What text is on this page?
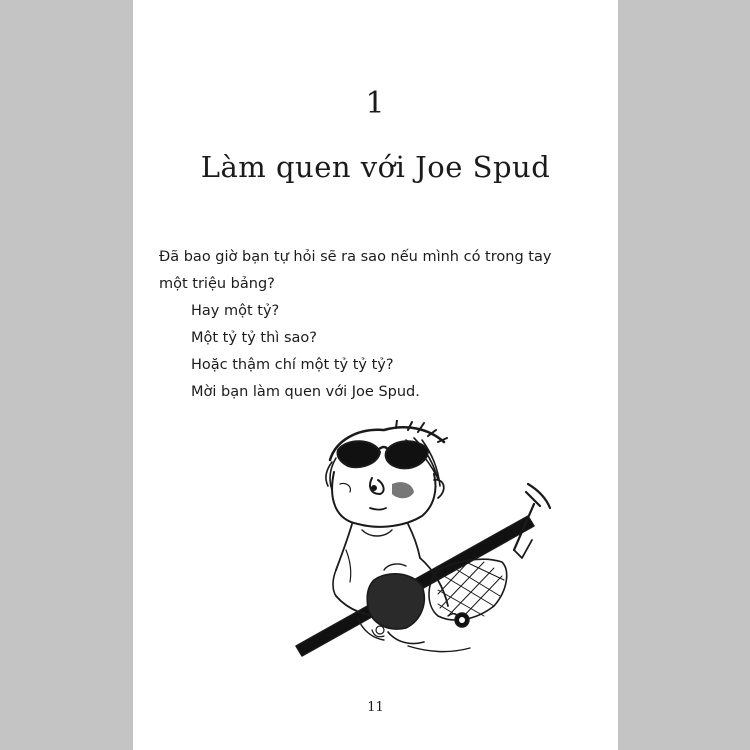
1
Làm quen với Joe Spud

Đã bao giờ bạn tự hỏi sẽ ra sao nếu mình có trong tay

một triệu bảng?

Hay một tỷ?

Một tỷ tỷ thì sao?

Hoặc thậm chí một tỷ tỷ tỷ?

Mời bạn làm quen với Joe Spud.

11
